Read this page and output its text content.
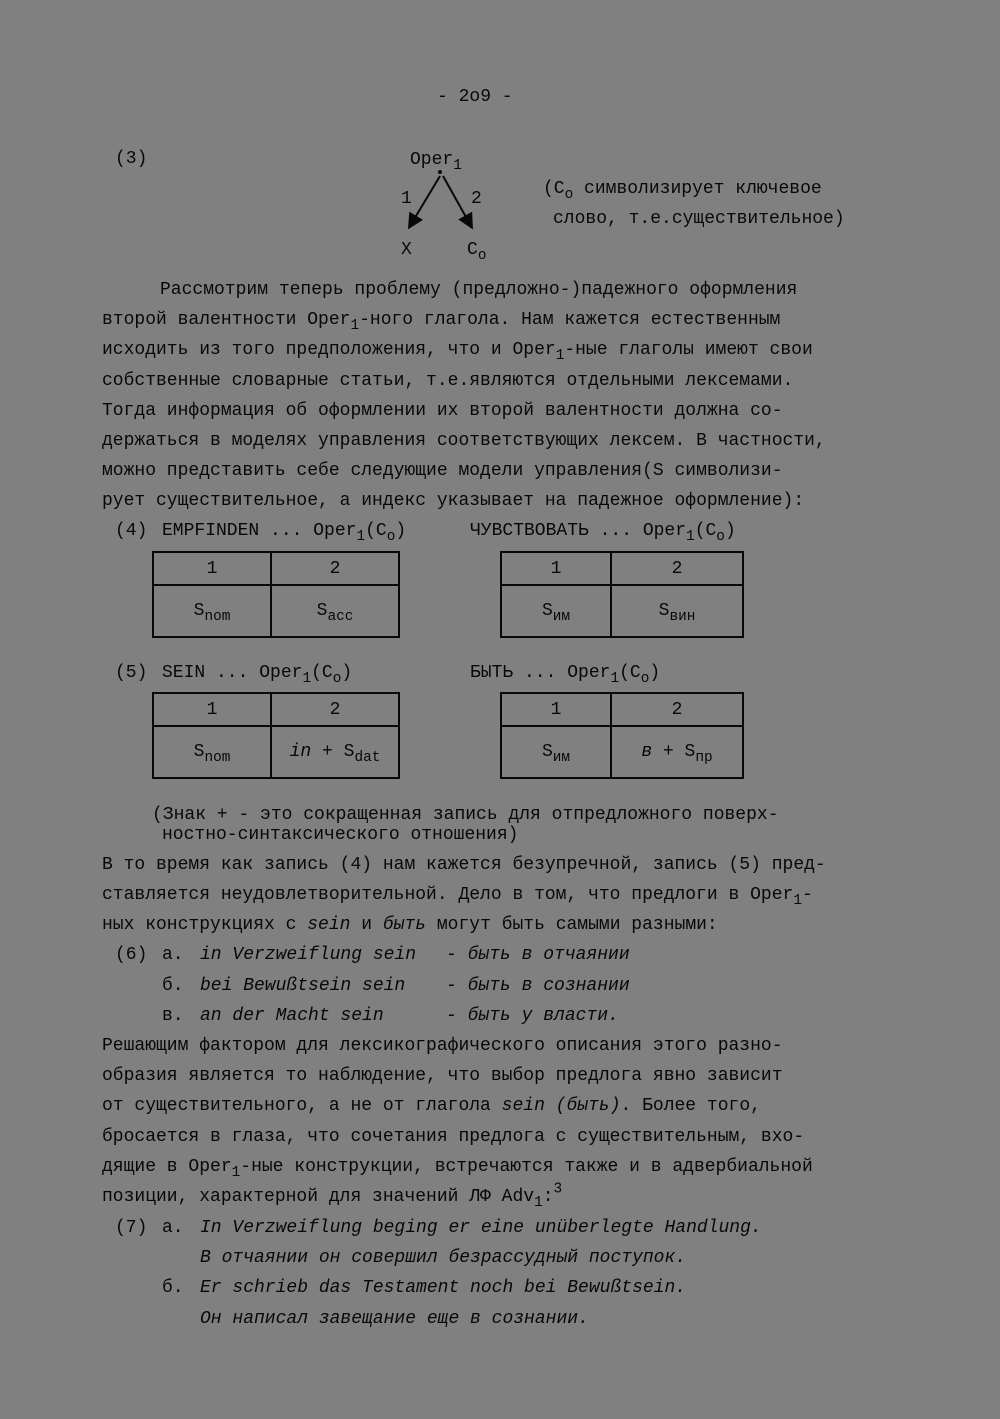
- 2o9 -
(3)	Oper$_1$
1	2
X	$C_o$
($C_o$ символизирует ключевое
слово, т.е.существительное)
Рассмотрим теперь проблему (предложно-)падежного оформления
второй валентности Oper$_1$-ного глагола. Нам кажется естественным
исходить из того предположения, что и Oper$_1$-ные глаголы имеют свои
собственные словарные статьи, т.е.являются отдельными лексемами.
Тогда информация об оформлении их второй валентности должна со-
держаться в моделях управления соответствующих лексем. В частности,
можно представить себе следующие модели управления(S символизи-
рует существительное, а индекс указывает на падежное оформление):
(4) EMPFINDEN ... $Oper_1(C_o)$	ЧУВСТВОВАТЬ ... $Oper_1(C_o)$
1	2
$S_{nom}$	$S_{acc}$
1	2
$S_{им}$	$S_{вин}$
(5) SEIN ... $Oper_1(C_o)$	БЫТЬ ... $Oper_1(C_o)$
1	2
$S_{nom}$	in + $S_{dat}$
1	2
$S_{им}$	$в + S_{пр}$
(Знак + - это сокращенная запись для отпредложного поверх-
ностно-синтаксического отношения)
В то время как запись (4) нам кажется безупречной, запись (5) пред-
ставляется неудовлетворительной. Дело в том, что предлоги в Oper$_1$-
ных конструкциях с sein и быть могут быть самыми разными:
(6) а. in Verzweiflung sein - быть в отчаянии
б. bei Bewußtsein sein - быть в сознании
в. an der Macht sein	- быть у власти.
Решающим фактором для лексикографического описания этого разно-
образия является то наблюдение, что выбор предлога явно зависит
от существительного, а не от глагола sein (быть). Более того,
бросается в глаза, что сочетания предлога с существительным, вхо-
дящие в Oper$_1$-ные конструкции, встречаются также и в адвербиальной
позиции, характерной для значений ЛФ Adv$_1$:$^3$
(7) а. In Verzweiflung beging er eine unüberlegte Handlung.
В отчаянии он совершил безрассудный поступок.
б. Er schrieb das Testament noch bei Bewußtsein.
Он написал завещание еще в сознании.
